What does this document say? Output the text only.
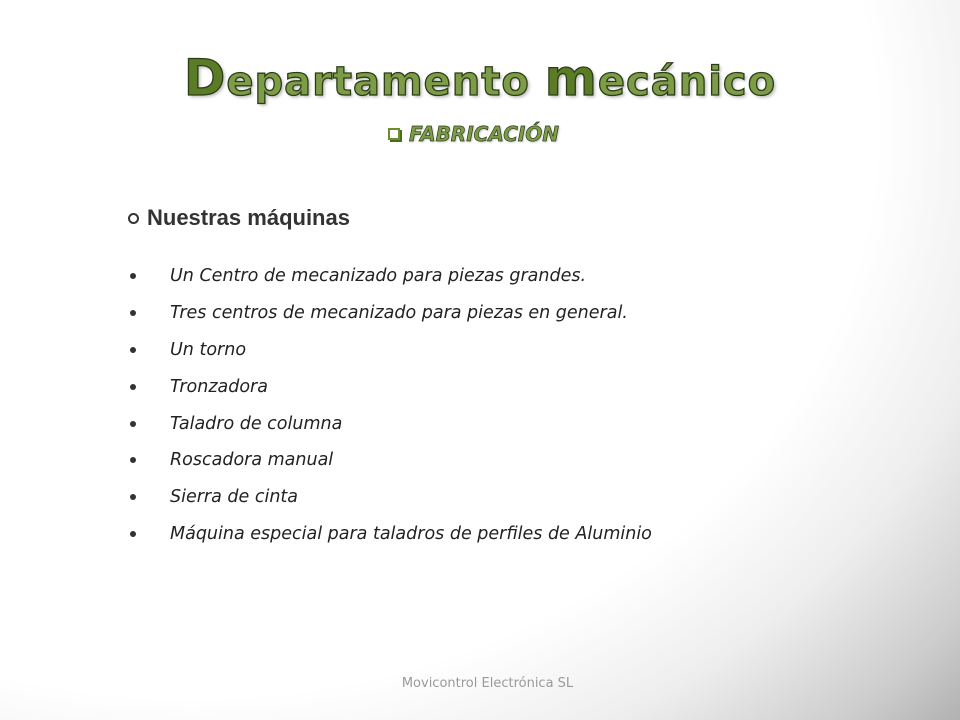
Departamento mecánico
FABRICACIÓN
Nuestras máquinas
Un Centro de mecanizado para piezas grandes.
Tres centros de mecanizado para piezas en general.
Un torno
Tronzadora
Taladro de columna
Roscadora manual
Sierra de cinta
Máquina especial para taladros de perfiles de Aluminio
Movicontrol Electrónica SL
